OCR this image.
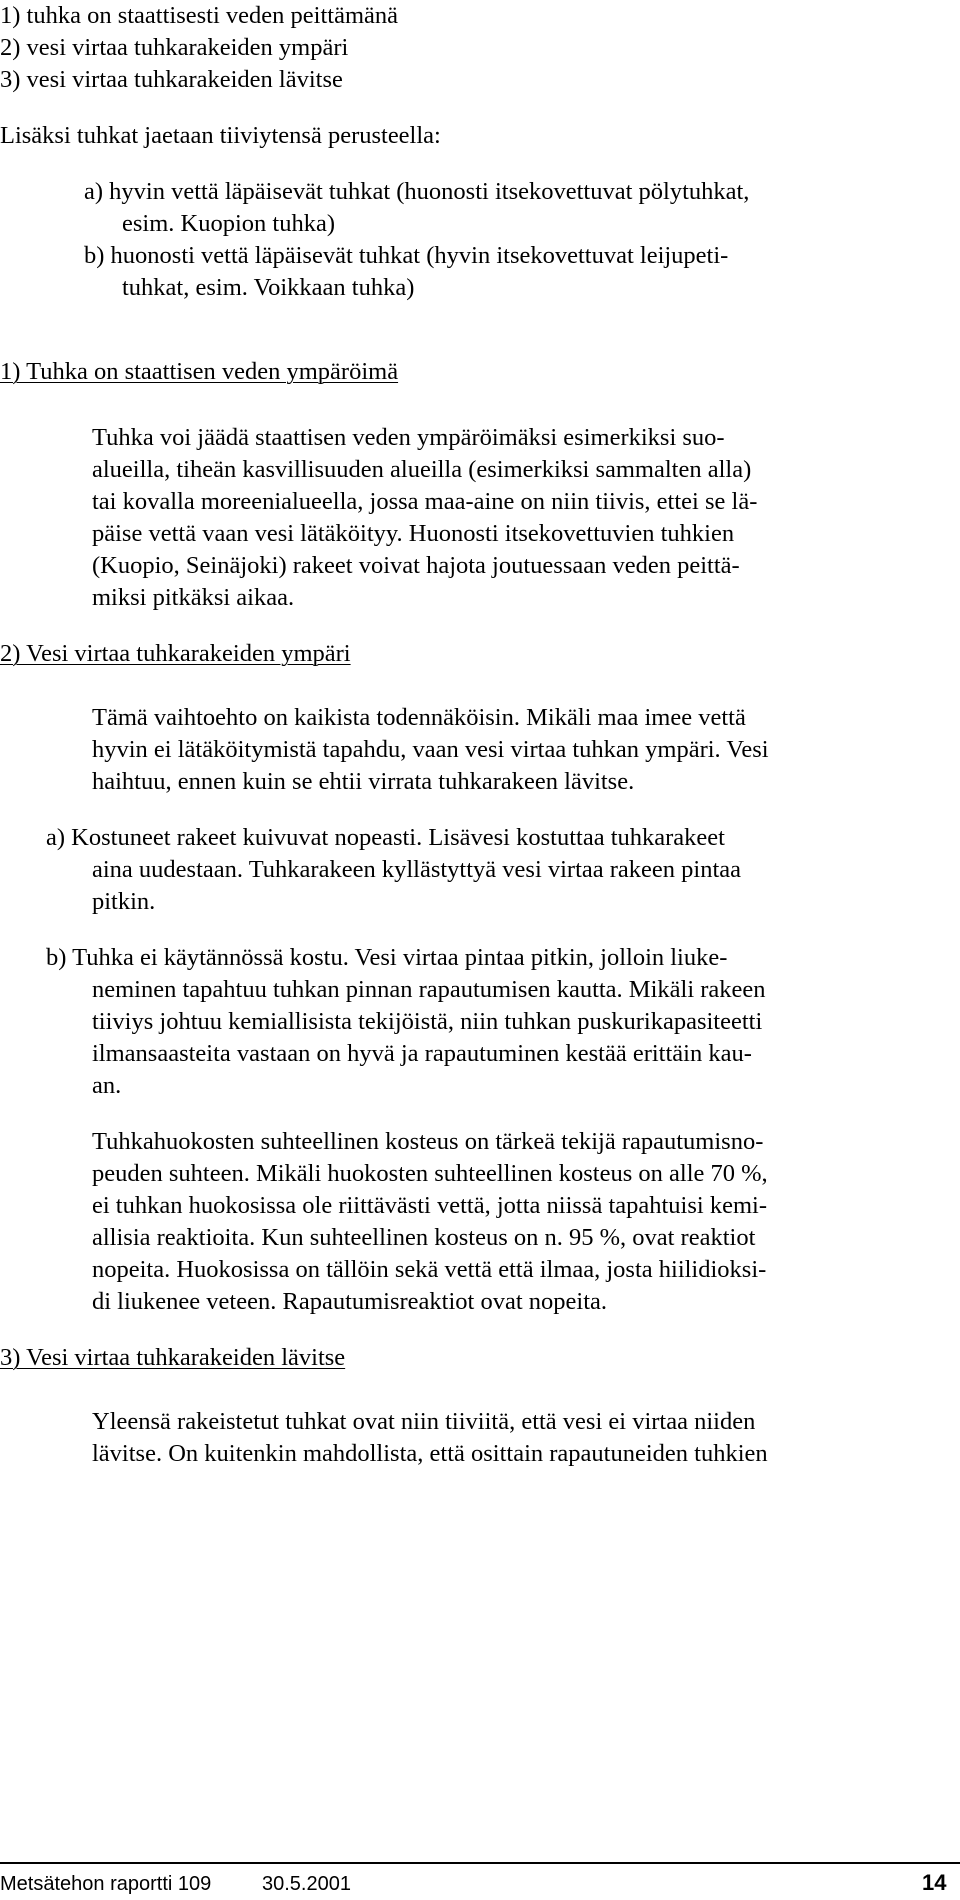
1) tuhka on staattisesti veden peittämänä

2) vesi virtaa tuhkarakeiden ympäri

3) vesi virtaa tuhkarakeiden lävitse

Lisäksi tuhkat jaetaan tiiviytensä perusteella:

a) hyvin vettä läpäisevät tuhkat (huonosti itsekovettuvat pölytuhkat,

esim. Kuopion tuhka)

b) huonosti vettä läpäisevät tuhkat (hyvin itsekovettuvat leijupeti-

tuhkat, esim. Voikkaan tuhka)

1) Tuhka on staattisen veden ympäröimä

Tuhka voi jäädä staattisen veden ympäröimäksi esimerkiksi suo-

alueilla, tiheän kasvillisuuden alueilla (esimerkiksi sammalten alla)

tai kovalla moreenialueella, jossa maa-aine on niin tiivis, ettei se lä-

päise vettä vaan vesi lätäköityy. Huonosti itsekovettuvien tuhkien

(Kuopio, Seinäjoki) rakeet voivat hajota joutuessaan veden peittä-

miksi pitkäksi aikaa.

2) Vesi virtaa tuhkarakeiden ympäri

Tämä vaihtoehto on kaikista todennäköisin. Mikäli maa imee vettä

hyvin ei lätäköitymistä tapahdu, vaan vesi virtaa tuhkan ympäri. Vesi

haihtuu, ennen kuin se ehtii virrata tuhkarakeen lävitse.

a) Kostuneet rakeet kuivuvat nopeasti. Lisävesi kostuttaa tuhkarakeet

aina uudestaan. Tuhkarakeen kyllästyttyä vesi virtaa rakeen pintaa

pitkin.

b) Tuhka ei käytännössä kostu. Vesi virtaa pintaa pitkin, jolloin liuke-

neminen tapahtuu tuhkan pinnan rapautumisen kautta. Mikäli rakeen

tiiviys johtuu kemiallisista tekijöistä, niin tuhkan puskurikapasiteetti

ilmansaasteita vastaan on hyvä ja rapautuminen kestää erittäin kau-

an.

Tuhkahuokosten suhteellinen kosteus on tärkeä tekijä rapautumisno-

peuden suhteen. Mikäli huokosten suhteellinen kosteus on alle 70 %,

ei tuhkan huokosissa ole riittävästi vettä, jotta niissä tapahtuisi kemi-

allisia reaktioita. Kun suhteellinen kosteus on n. 95 %, ovat reaktiot

nopeita. Huokosissa on tällöin sekä vettä että ilmaa, josta hiilidioksi-

di liukenee veteen. Rapautumisreaktiot ovat nopeita.

3) Vesi virtaa tuhkarakeiden lävitse

Yleensä rakeistetut tuhkat ovat niin tiiviitä, että vesi ei virtaa niiden

lävitse. On kuitenkin mahdollista, että osittain rapautuneiden tuhkien

Metsätehon raportti 109	30.5.2001	14
